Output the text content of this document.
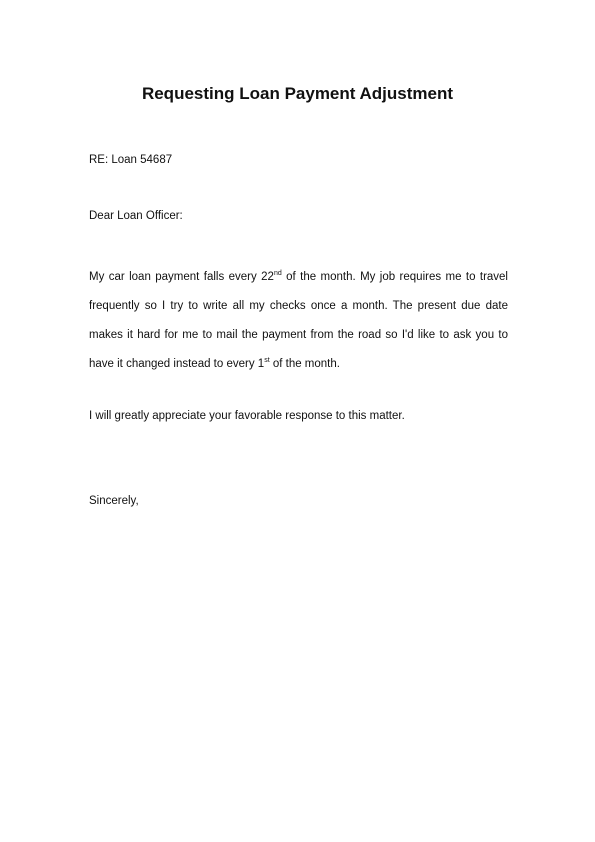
Requesting Loan Payment Adjustment

RE: Loan 54687

Dear Loan Officer:

My car loan payment falls every 22nd of the month. My job requires me to travel
frequently so I try to write all my checks once a month. The present due date
makes it hard for me to mail the payment from the road so I'd like to ask you to
have it changed instead to every 1st of the month.

I will greatly appreciate your favorable response to this matter.

Sincerely,
